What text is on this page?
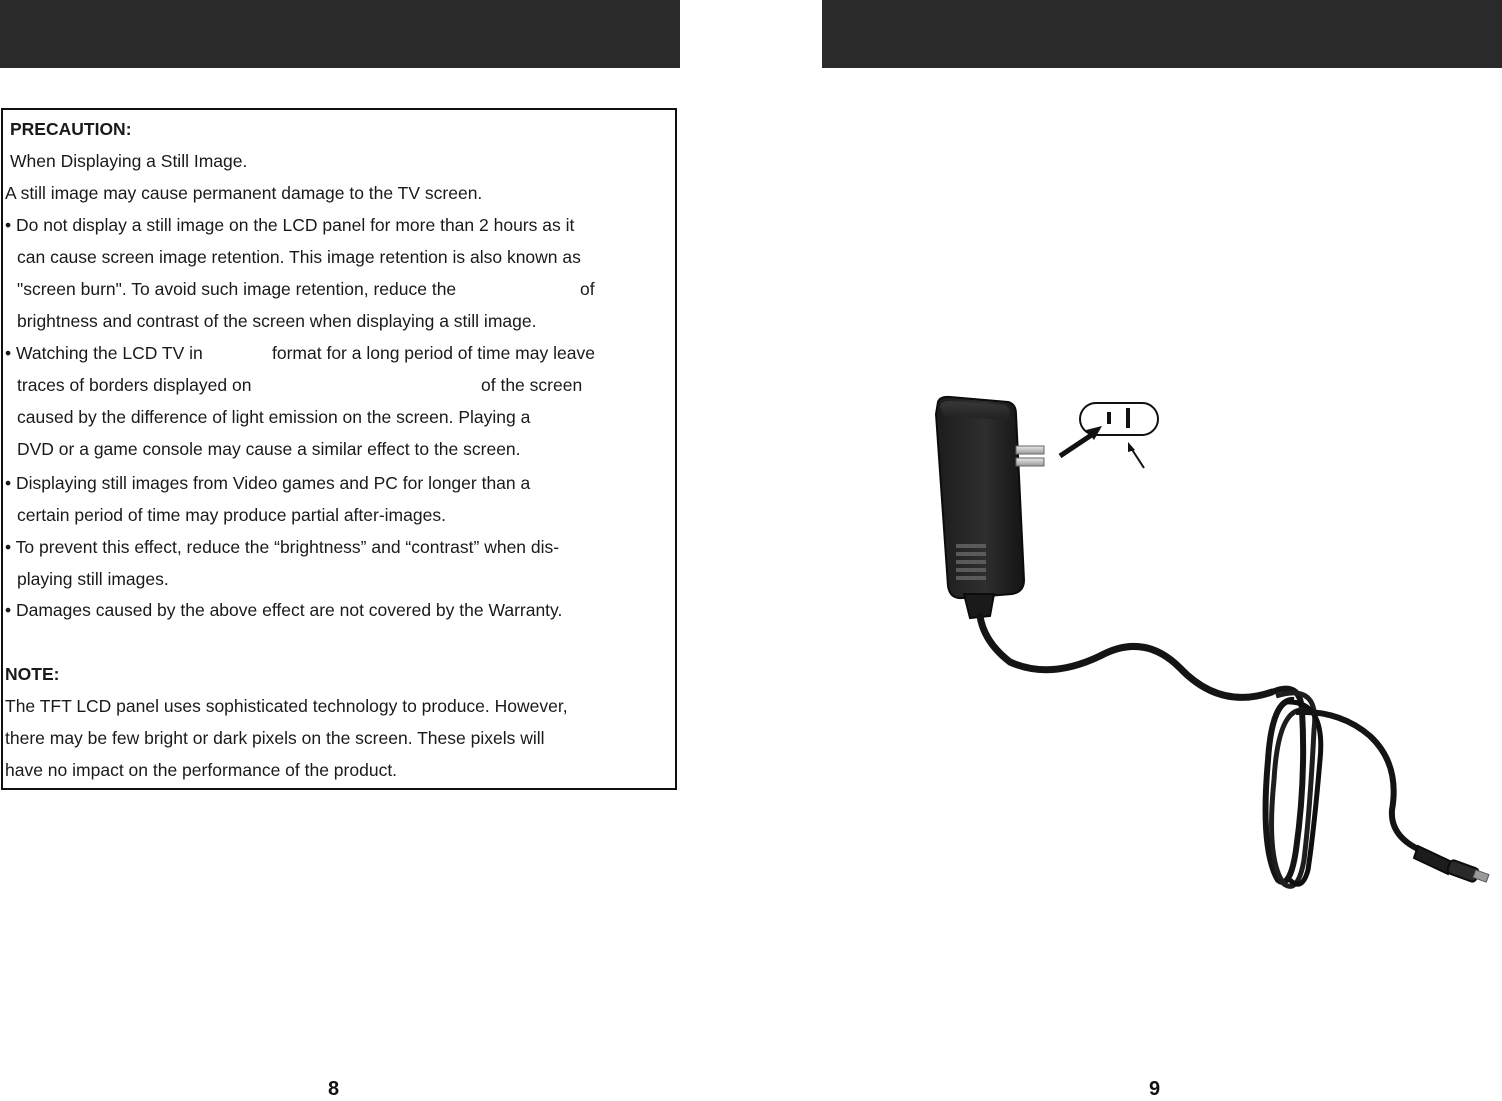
PRECAUTION:
When Displaying a Still Image.
A still image may cause permanent damage to the TV screen.
• Do not display a still image on the LCD panel for more than 2 hours as it
can cause screen image retention. This image retention is also known as
"screen burn". To avoid such image retention, reduce the	of
brightness and contrast of the screen when displaying a still image.
• Watching the LCD TV in	format for a long period of time may leave
traces of borders displayed on	of the screen
caused by the difference of light emission on the screen. Playing a
DVD or a game console may cause a similar effect to the screen.
• Displaying still images from Video games and PC for longer than a
certain period of time may produce partial after-images.
• To prevent this effect, reduce the “brightness” and “contrast” when dis-
playing still images.
• Damages caused by the above effect are not covered by the Warranty.
NOTE:
The TFT LCD panel uses sophisticated technology to produce. However,
there may be few bright or dark pixels on the screen. These pixels will
have no impact on the performance of the product.
8	9
